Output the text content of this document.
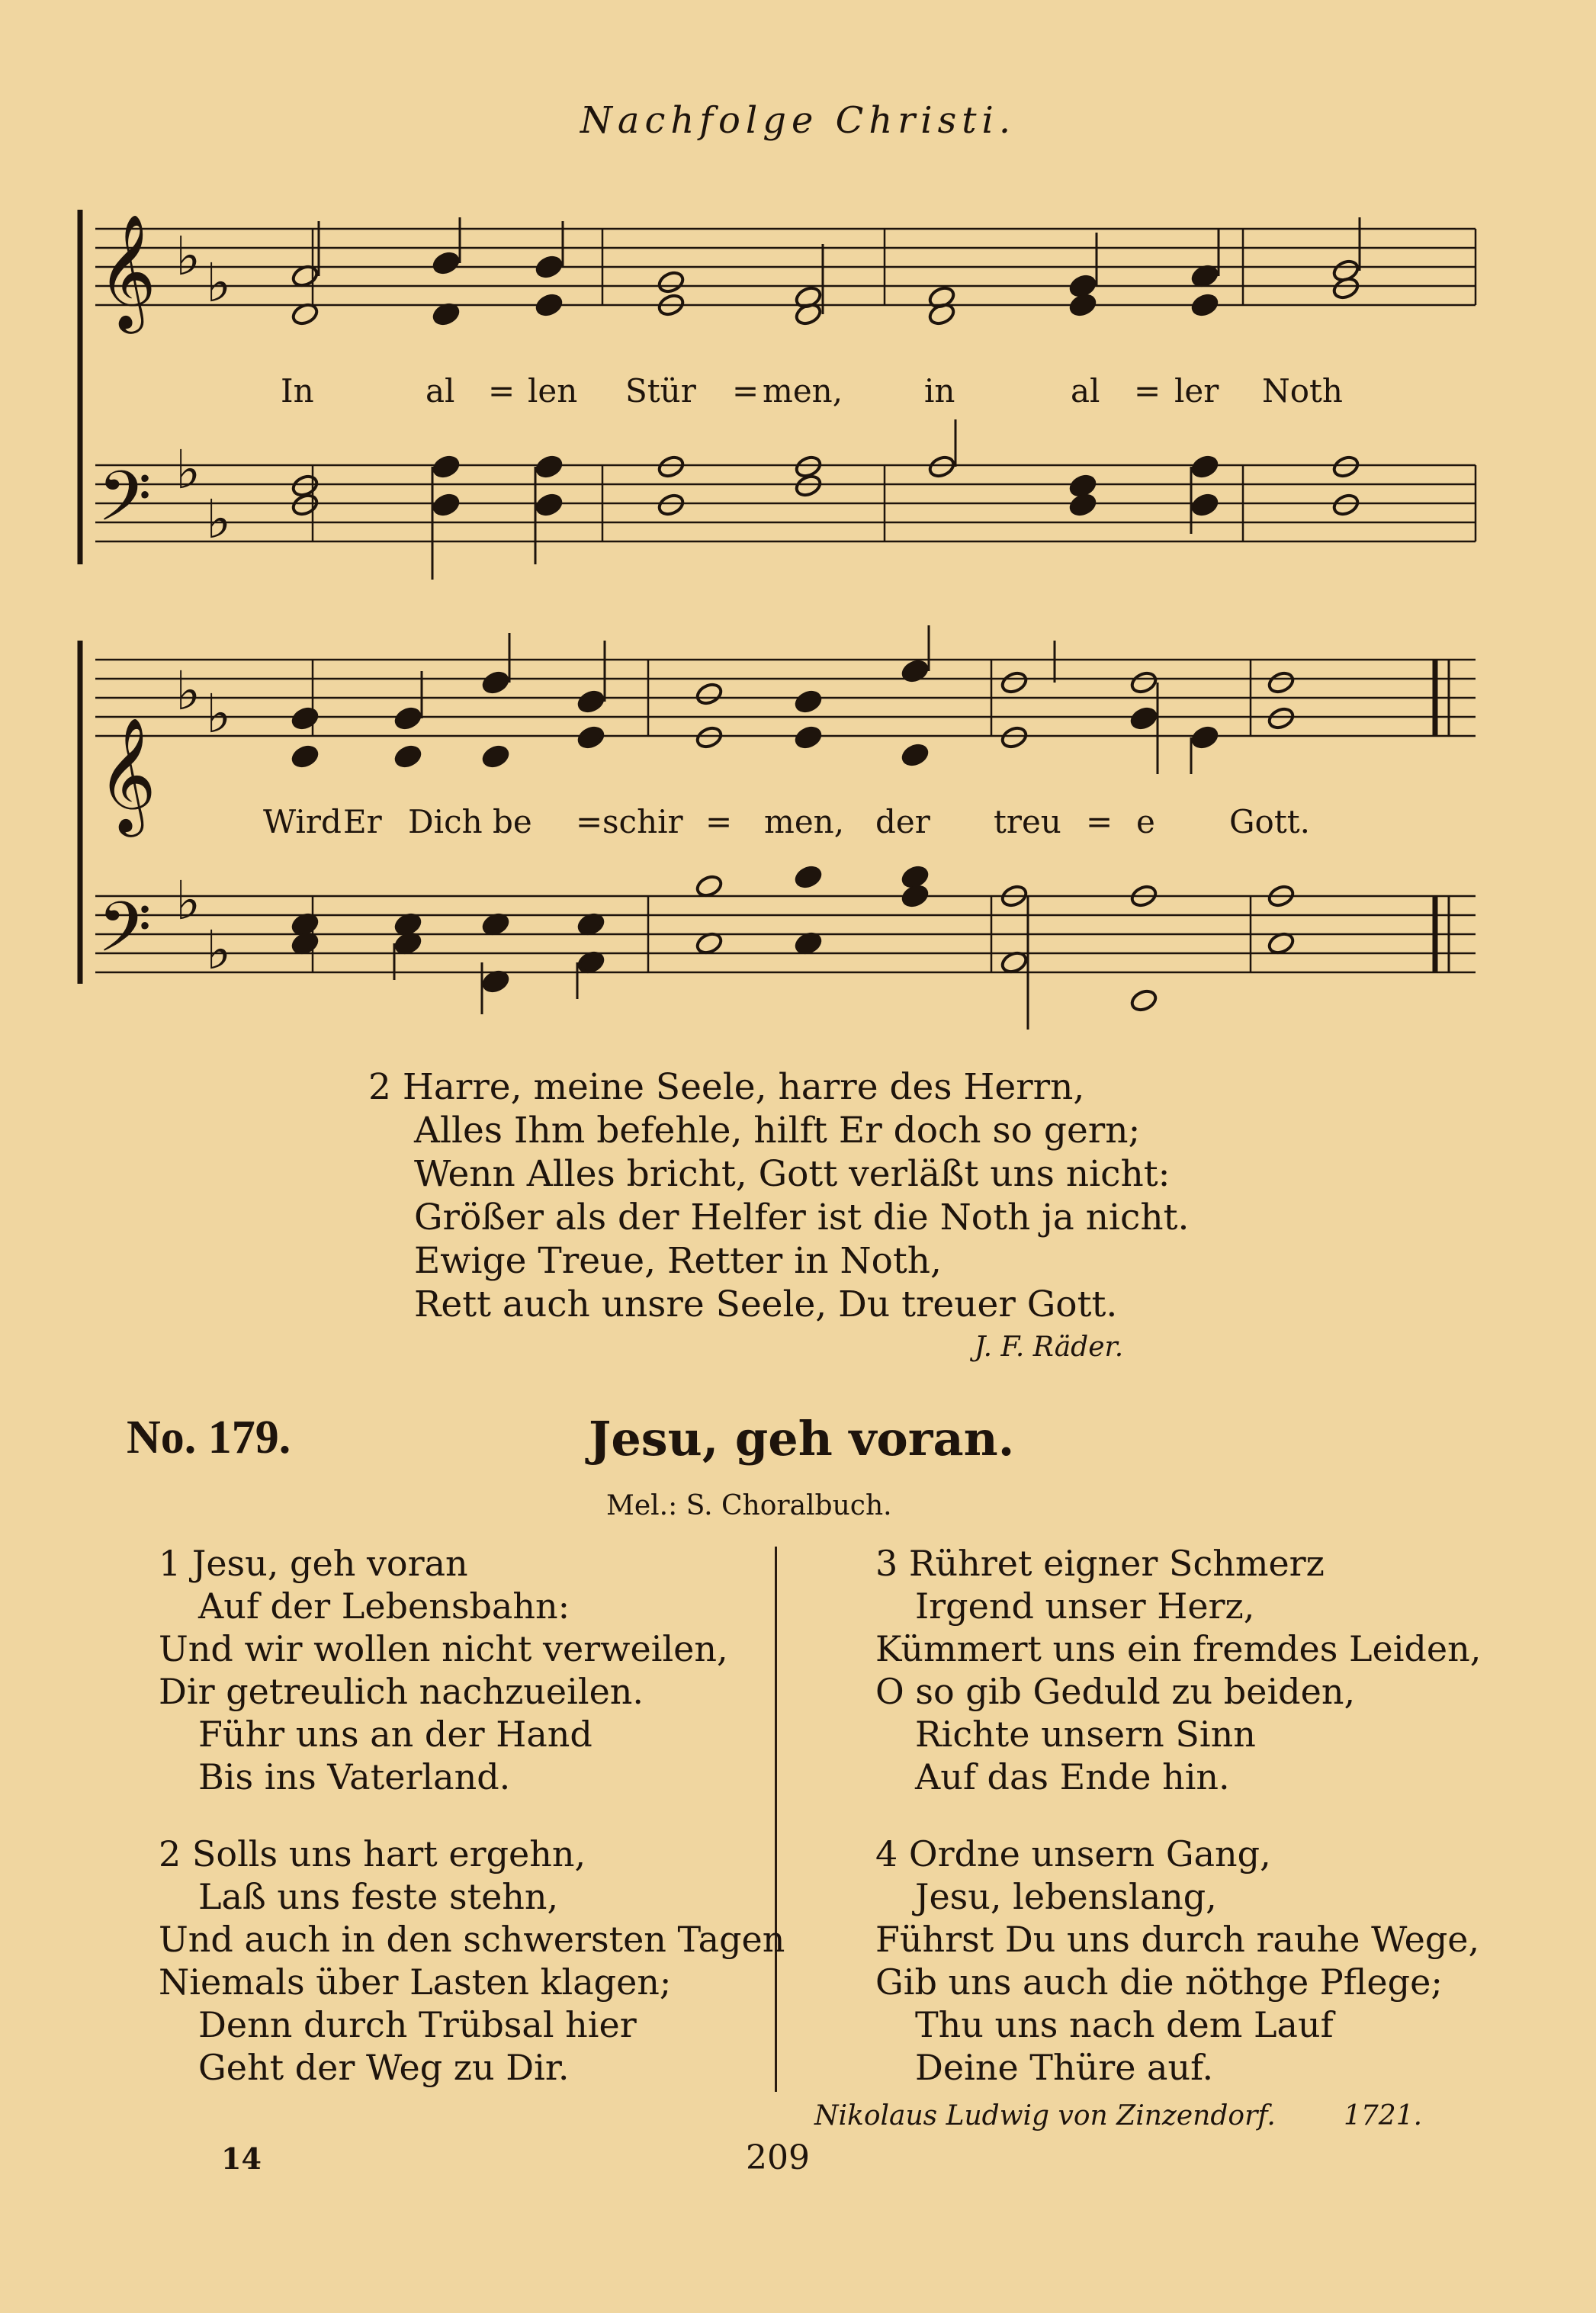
Nachfolge Christi.
𝄞
𝄞
𝄢
𝄢
♭ ♭
♭ ♭
♭
♭
♭
♭
In	al = len Stür = men,	in	al = ler Noth
Wird Er Dich be = schir = men, der treu = e Gott.
2 Harre, meine Seele, harre des Herrn,
Alles Ihm befehle, hilft Er doch so gern;
Wenn Alles bricht, Gott verläßt uns nicht:
Größer als der Helfer ist die Noth ja nicht.
Ewige Treue, Retter in Noth,
Rett auch unsre Seele, Du treuer Gott.
J. F. Räder.
No. 179.	Jesu, geh voran.
Mel.: S. Choralbuch.
1 Jesu, geh voran
Auf der Lebensbahn:
Und wir wollen nicht verweilen,
Dir getreulich nachzueilen.
Führ uns an der Hand
Bis ins Vaterland.
2 Solls uns hart ergehn,
Laß uns feste stehn,
Und auch in den schwersten Tagen
Niemals über Lasten klagen;
Denn durch Trübsal hier
Geht der Weg zu Dir.
3 Rühret eigner Schmerz
Irgend unser Herz,
Kümmert uns ein fremdes Leiden,
O so gib Geduld zu beiden,
Richte unsern Sinn
Auf das Ende hin.
4 Ordne unsern Gang,
Jesu, lebenslang,
Führst Du uns durch rauhe Wege,
Gib uns auch die nöthge Pflege;
Thu uns nach dem Lauf
Deine Thüre auf.
Nikolaus Ludwig von Zinzendorf. 1721.
14	209
